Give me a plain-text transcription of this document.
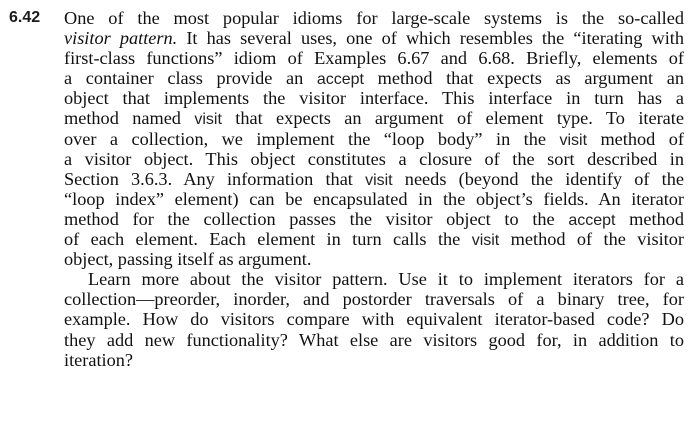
6.42 One of the most popular idioms for large-scale systems is the so-called
visitor pattern. It has several uses, one of which resembles the “iterating with
first-class functions” idiom of Examples 6.67 and 6.68. Briefly, elements of
a container class provide an accept method that expects as argument an
object that implements the visitor interface. This interface in turn has a
method named visit that expects an argument of element type. To iterate
over a collection, we implement the “loop body” in the visit method of
a visitor object. This object constitutes a closure of the sort described in
Section 3.6.3. Any information that visit needs (beyond the identify of the
“loop index” element) can be encapsulated in the object’s fields. An iterator
method for the collection passes the visitor object to the accept method
of each element. Each element in turn calls the visit method of the visitor
object, passing itself as argument.
Learn more about the visitor pattern. Use it to implement iterators for a
collection—preorder, inorder, and postorder traversals of a binary tree, for
example. How do visitors compare with equivalent iterator-based code? Do
they add new functionality? What else are visitors good for, in addition to
iteration?
